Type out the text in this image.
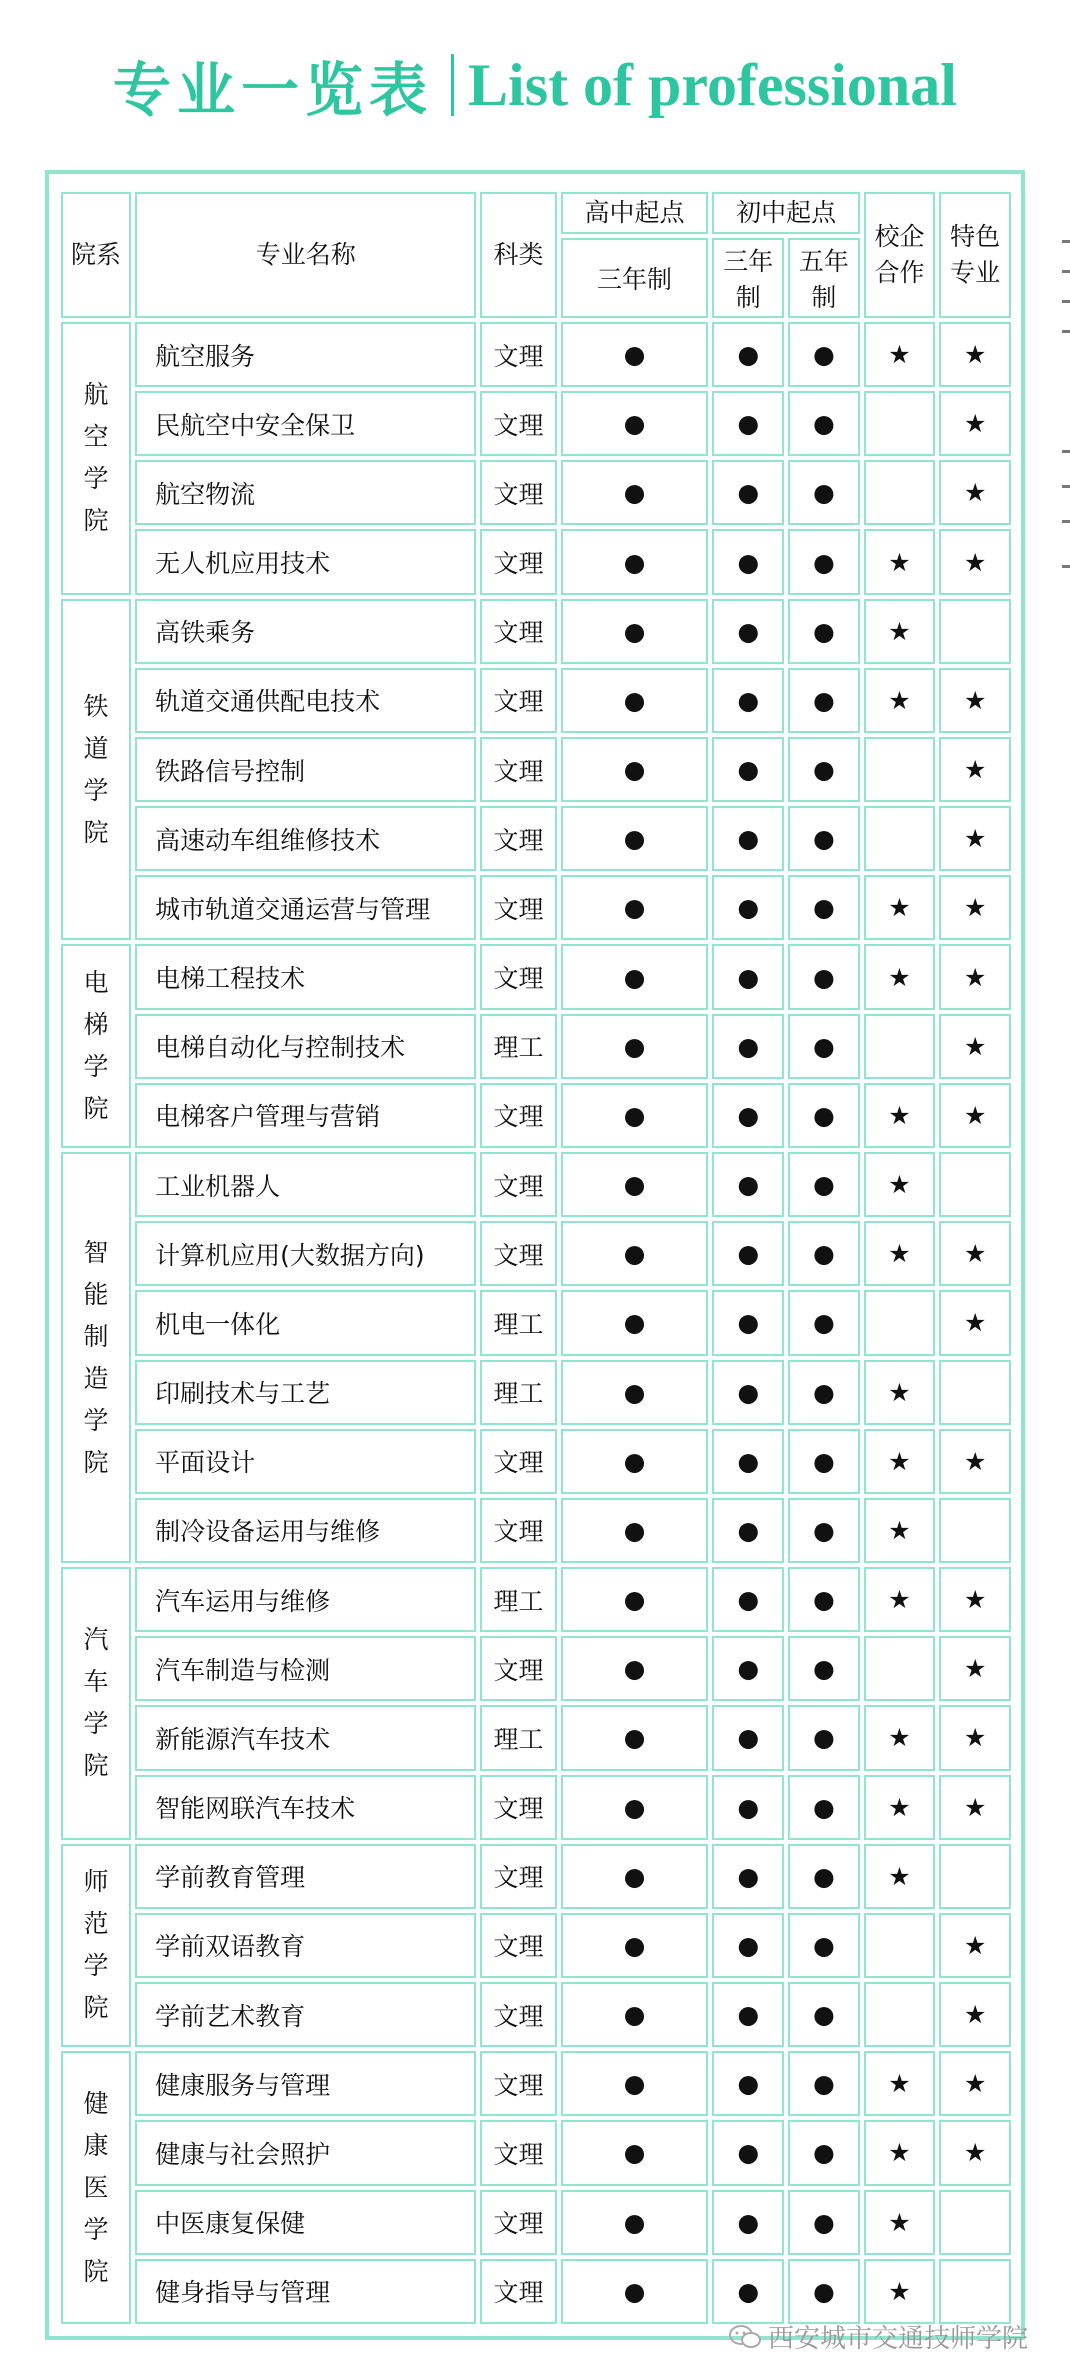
专业一览表 List of professional
院系	专业名称	科类	高中起点	初中起点		校企合作	特色专业
			三年制	三年制	五年制		
航空学院	航空服务	文理	●	●	●	★	★
	民航空中安全保卫	文理	●	●	●		★
	航空物流	文理	●	●	●		★
	无人机应用技术	文理	●	●	●	★	★
铁道学院	高铁乘务	文理	●	●	●	★	
	轨道交通供配电技术	文理	●	●	●	★	★
	铁路信号控制	文理	●	●	●		★
	高速动车组维修技术	文理	●	●	●		★
	城市轨道交通运营与管理	文理	●	●	●	★	★
电梯学院	电梯工程技术	文理	●	●	●	★	★
	电梯自动化与控制技术	理工	●	●	●		★
	电梯客户管理与营销	文理	●	●	●	★	★
智能制造学院	工业机器人	文理	●	●	●	★	
	计算机应用(大数据方向)	文理	●	●	●	★	★
	机电一体化	理工	●	●	●		★
	印刷技术与工艺	理工	●	●	●	★	
	平面设计	文理	●	●	●	★	★
	制冷设备运用与维修	文理	●	●	●	★	
汽车学院	汽车运用与维修	理工	●	●	●	★	★
	汽车制造与检测	文理	●	●	●		★
	新能源汽车技术	理工	●	●	●	★	★
	智能网联汽车技术	文理	●	●	●	★	★
师范学院	学前教育管理	文理	●	●	●	★	
	学前双语教育	文理	●	●	●		★
	学前艺术教育	文理	●	●	●		★
健康医学院	健康服务与管理	文理	●	●	●	★	★
	健康与社会照护	文理	●	●	●	★	★
	中医康复保健	文理	●	●	●	★	
	健身指导与管理	文理	●	●	●	★	
西安城市交通技师学院
